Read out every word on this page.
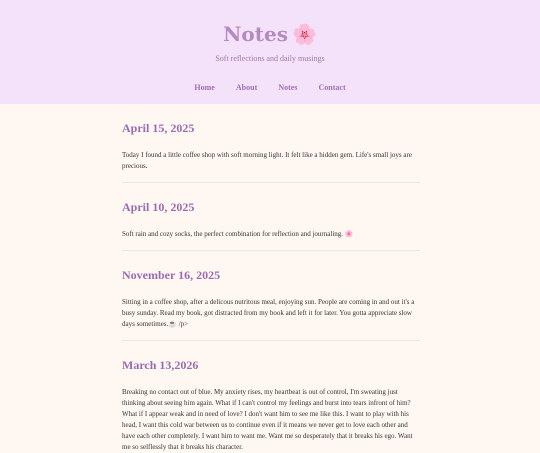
Notes 🌸
Soft reflections and daily musings
Home	About	Notes	Contact
April 15, 2025

Today I found a little coffee shop with soft morning light. It felt like a hidden gem. Life's small joys are precious.

April 10, 2025

Soft rain and cozy socks, the perfect combination for reflection and journaling. 🌸

November 16, 2025

Sitting in a coffee shop, after a delicous nutritous meal, enjoying sun. People are coming in and out it's a busy sunday. Read my book, got distracted from my book and left it for later. You gotta appreciate slow days sometimes.☕ /p>

March 13,2026

Breaking no contact out of blue. My anxiety rises, my heartbeat is out of control, I'm sweating just thinking about seeing him again. What if I can't control my feelings and burst into tears infront of him? What if I appear weak and in need of love? I don't want him to see me like this. I want to play with his head, I want this cold war between us to continue even if it means we never get to love each other and have each other completely. I want him to want me. Want me so desperately that it breaks his ego. Want me so selflessly that it breaks his character.
